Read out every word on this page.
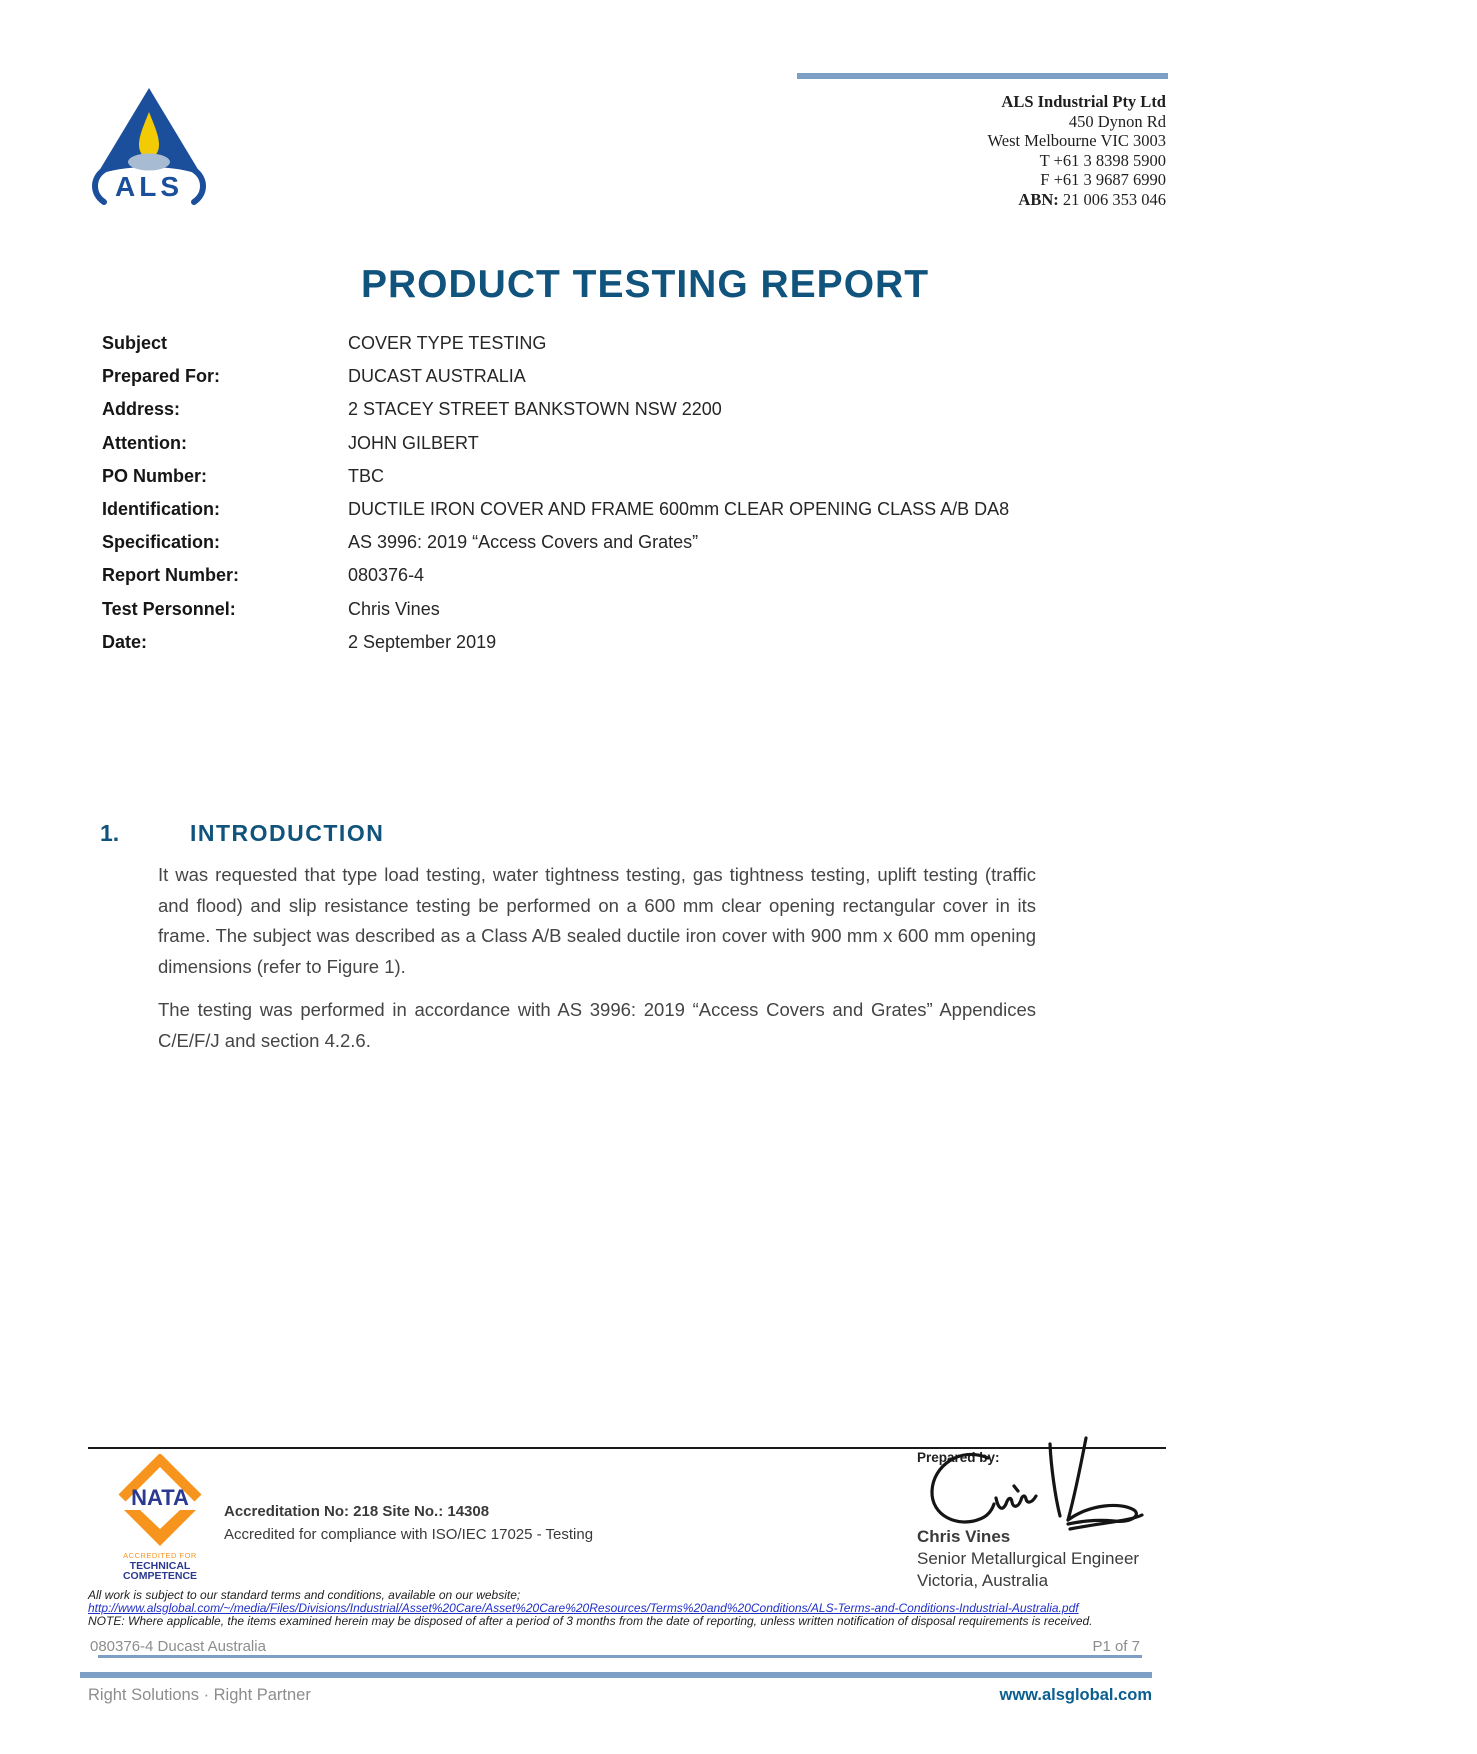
ALS
ALS Industrial Pty Ltd
450 Dynon Rd
West Melbourne VIC 3003
T +61 3 8398 5900
F +61 3 9687 6990
ABN: 21 006 353 046
PRODUCT TESTING REPORT
Subject	COVER TYPE TESTING
Prepared For:	DUCAST AUSTRALIA
Address:	2 STACEY STREET BANKSTOWN NSW 2200
Attention:	JOHN GILBERT
PO Number:	TBC
Identification:	DUCTILE IRON COVER AND FRAME 600mm CLEAR OPENING CLASS A/B DA8
Specification:	AS 3996: 2019 “Access Covers and Grates”
Report Number:	080376-4
Test Personnel:	Chris Vines
Date:	2 September 2019
1.	INTRODUCTION
It was requested that type load testing, water tightness testing, gas tightness testing, uplift testing (traffic and flood) and slip resistance testing be performed on a 600 mm clear opening rectangular cover in its frame. The subject was described as a Class A/B sealed ductile iron cover with 900 mm x 600 mm opening dimensions (refer to Figure 1).
The testing was performed in accordance with AS 3996: 2019 “Access Covers and Grates” Appendices C/E/F/J and section 4.2.6.
NATA
ACCREDITED FOR
TECHNICAL
COMPETENCE
Accreditation No: 218 Site No.: 14308
Accredited for compliance with ISO/IEC 17025 - Testing
Prepared by:
Chris Vines
Senior Metallurgical Engineer
Victoria, Australia
All work is subject to our standard terms and conditions, available on our website;
http://www.alsglobal.com/~/media/Files/Divisions/Industrial/Asset%20Care/Asset%20Care%20Resources/Terms%20and%20Conditions/ALS-Terms-and-Conditions-Industrial-Australia.pdf
NOTE: Where applicable, the items examined herein may be disposed of after a period of 3 months from the date of reporting, unless written notification of disposal requirements is received.
080376-4 Ducast Australia	P1 of 7
Right Solutions · Right Partner	www.alsglobal.com
